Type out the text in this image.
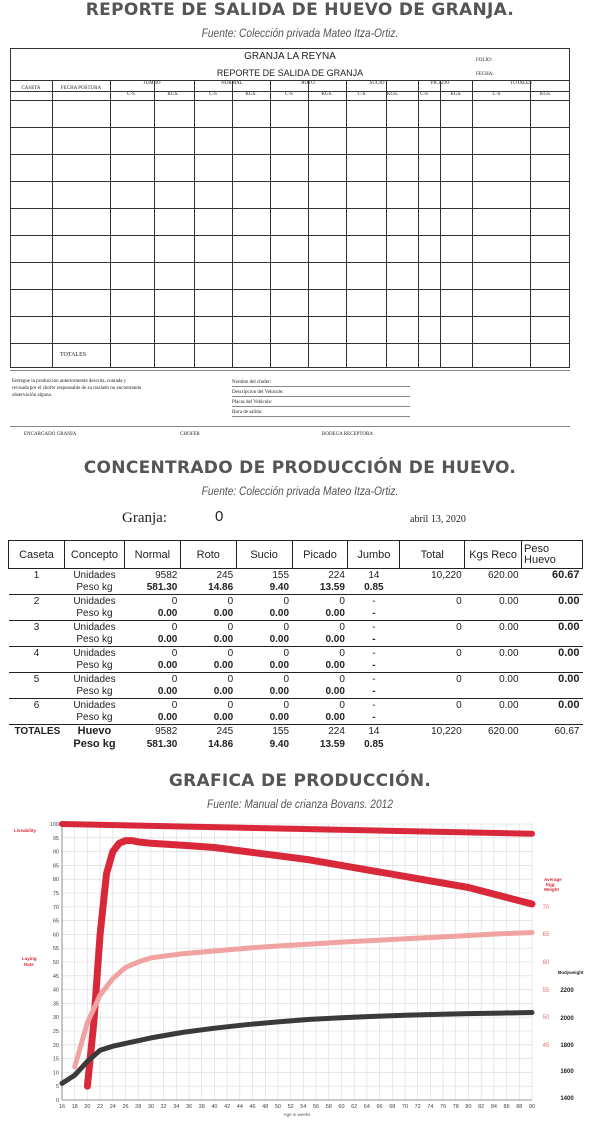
REPORTE DE SALIDA DE HUEVO DE GRANJA.
Fuente: Colección privada Mateo Itza-Ortiz.
GRANJA LA REYNA
REPORTE DE SALIDA DE GRANJA
FOLIO:
FECHA:
CASETA	FECHA POSTURA
JUMBO
C-S	KGS.
NORMAL
C-S	KGS.
ROTO
C-S	KGS.
SUCIO
C-S	KGS.
PICADO
C-S	KGS.
TOTALES
C-S	KGS.
TOTALES
Entregue la producción anteriormente descrita, contada y
revisada por el chofer responsable de su traslado no encontrando
observación alguna.
Nombre del chofer:
Descripcion del Vehicule:
Placas del Vehicule:
Hora de salida:
ENCARGADO GRANJA	CHOFER	BODEGA RECEPTORA
CONCENTRADO DE PRODUCCIÓN DE HUEVO.
Fuente: Colección privada Mateo Itza-Ortiz.
Granja:	0	abril 13, 2020
Caseta	Concepto	Normal	Roto	Sucio	Picado	Jumbo	Total	Kgs Reco	Peso Huevo
1	Unidades	9582	245	155	224	14	10,220	620.00	60.67
	Peso kg	581.30	14.86	9.40	13.59	0.85			
2	Unidades	0	0	0	0	-	0	0.00	0.00
	Peso kg	0.00	0.00	0.00	0.00	-			
3	Unidades	0	0	0	0	-	0	0.00	0.00
	Peso kg	0.00	0.00	0.00	0.00	-			
4	Unidades	0	0	0	0	-	0	0.00	0.00
	Peso kg	0.00	0.00	0.00	0.00	-			
5	Unidades	0	0	0	0	-	0	0.00	0.00
	Peso kg	0.00	0.00	0.00	0.00	-			
6	Unidades	0	0	0	0	-	0	0.00	0.00
	Peso kg	0.00	0.00	0.00	0.00	-			
TOTALES	Huevo	9582	245	155	224	14	10,220	620.00	60.67
	Peso kg	581.30	14.86	9.40	13.59	0.85			
GRAFICA DE PRODUCCIÓN.
Fuente: Manual de crianza Bovans. 2012
0
5
10
15
20
25
30
35
40
45
50
55
60
65
70
75
80
85
90
95
100
16 18 20 22 24 26 28 30 32 34 36 38 40 42 44 46 48 50 52 54 56 58 60 62 64 66 68 70 72 74 76 78 80 82 84 86 88 90
Age in weeks
Liveability
Laying
Rate
Average
Egg
Weight
45
50
55
60
65
70
Bodyweight
1400
1600
1800
2000
2200
